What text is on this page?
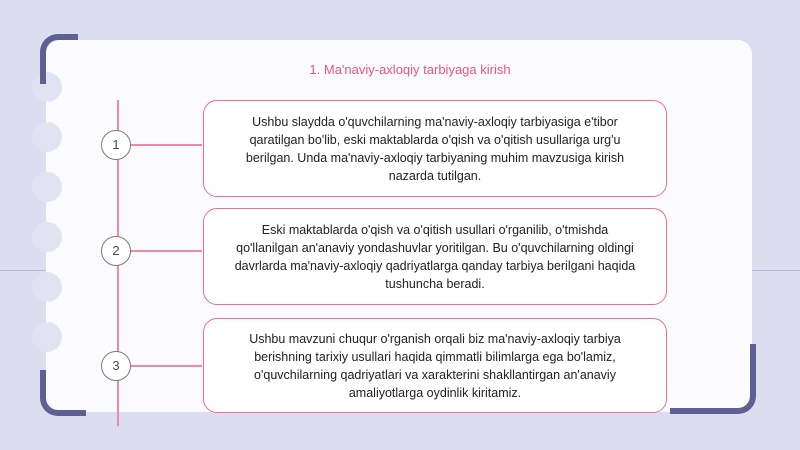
1. Ma'naviy-axloqiy tarbiyaga kirish
1
Ushbu slaydda o'quvchilarning ma'naviy-axloqiy tarbiyasiga e'tibor qaratilgan bo'lib, eski maktablarda o'qish va o'qitish usullariga urg'u berilgan. Unda ma'naviy-axloqiy tarbiyaning muhim mavzusiga kirish nazarda tutilgan.
2
Eski maktablarda o'qish va o'qitish usullari o'rganilib, o'tmishda qo'llanilgan an'anaviy yondashuvlar yoritilgan. Bu o'quvchilarning oldingi davrlarda ma'naviy-axloqiy qadriyatlarga qanday tarbiya berilgani haqida tushuncha beradi.
3
Ushbu mavzuni chuqur o'rganish orqali biz ma'naviy-axloqiy tarbiya berishning tarixiy usullari haqida qimmatli bilimlarga ega bo'lamiz, o'quvchilarning qadriyatlari va xarakterini shakllantirgan an'anaviy amaliyotlarga oydinlik kiritamiz.
